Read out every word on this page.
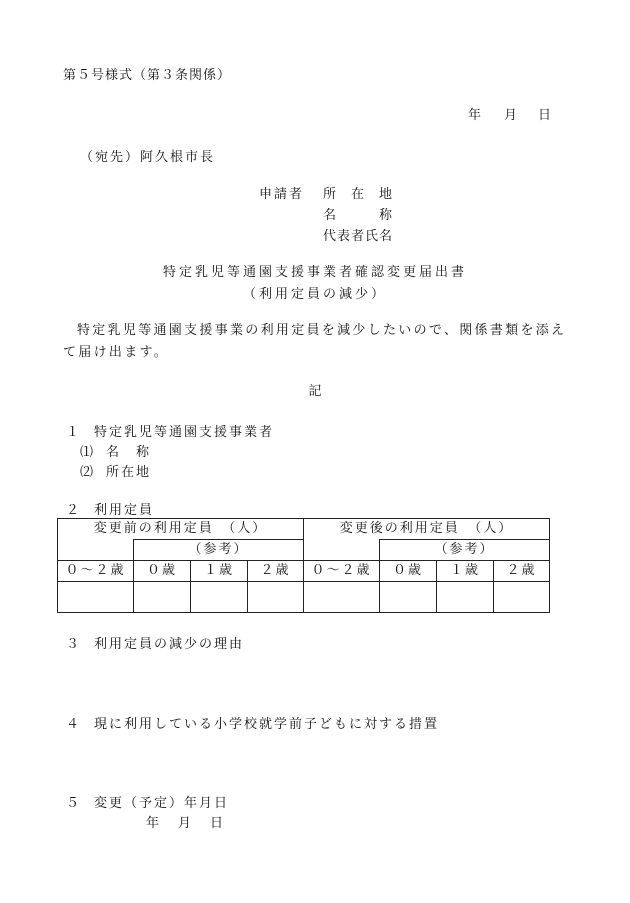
第５号様式（第３条関係）
年 月 日
（宛先）阿久根市長
申請者 所　在　地
名　　　称
代表者氏名
特定乳児等通園支援事業者確認変更届出書
（利用定員の減少）
特定乳児等通園支援事業の利用定員を減少したいので、関係書類を添えて届け出ます。
記
１ 特定乳児等通園支援事業者
⑴ 名　称
⑵ 所在地
２ 利用定員
変更前の利用定員　（人）				変更後の利用定員　（人）			
	（参考）				（参考）		
０～２歳	０歳	１歳	２歳	０～２歳	０歳	１歳	２歳

３ 利用定員の減少の理由
４ 現に利用している小学校就学前子どもに対する措置
５ 変更（予定）年月日
年 月 日
